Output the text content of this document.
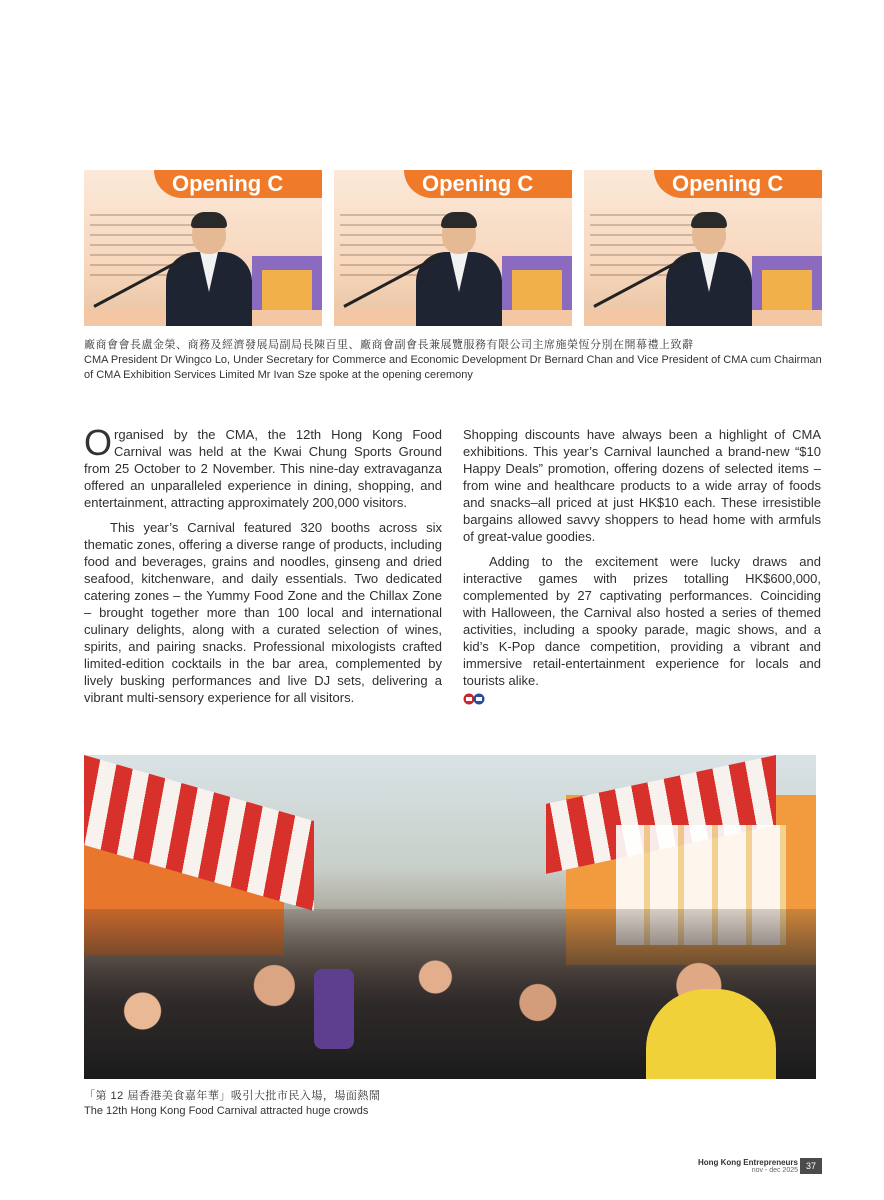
Opening C	Opening C	Opening C
廠商會會長盧金榮、商務及經濟發展局副局長陳百里、廠商會副會長兼展覽服務有限公司主席施榮恆分別在開幕禮上致辭
CMA President Dr Wingco Lo, Under Secretary for Commerce and Economic Development Dr Bernard Chan and Vice President of CMA cum Chairman of CMA Exhibition Services Limited Mr Ivan Sze spoke at the opening ceremony

Organised by the CMA, the 12th Hong Kong Food Carnival was held at the Kwai Chung Sports Ground from 25 October to 2 November. This nine-day extravaganza offered an unparalleled experience in dining, shopping, and entertainment, attracting approximately 200,000 visitors.

This year’s Carnival featured 320 booths across six thematic zones, offering a diverse range of products, including food and beverages, grains and noodles, ginseng and dried seafood, kitchenware, and daily essentials. Two dedicated catering zones – the Yummy Food Zone and the Chillax Zone – brought together more than 100 local and international culinary delights, along with a curated selection of wines, spirits, and pairing snacks. Professional mixologists crafted limited-edition cocktails in the bar area, complemented by lively busking performances and live DJ sets, delivering a vibrant multi-sensory experience for all visitors.

Shopping discounts have always been a highlight of CMA exhibitions. This year’s Carnival launched a brand-new “$10 Happy Deals” promotion, offering dozens of selected items – from wine and healthcare products to a wide array of foods and snacks–all priced at just HK$10 each. These irresistible bargains allowed savvy shoppers to head home with armfuls of great-value goodies.

Adding to the excitement were lucky draws and interactive games with prizes totalling HK$600,000, complemented by 27 captivating performances. Coinciding with Halloween, the Carnival also hosted a series of themed activities, including a spooky parade, magic shows, and a kid’s K-Pop dance competition, providing a vibrant and immersive retail-entertainment experience for locals and tourists alike.

「第 12 屆香港美食嘉年華」吸引大批市民入場，場面熱鬧
The 12th Hong Kong Food Carnival attracted huge crowds
Hong Kong Entrepreneurs
nov - dec 2025 37
